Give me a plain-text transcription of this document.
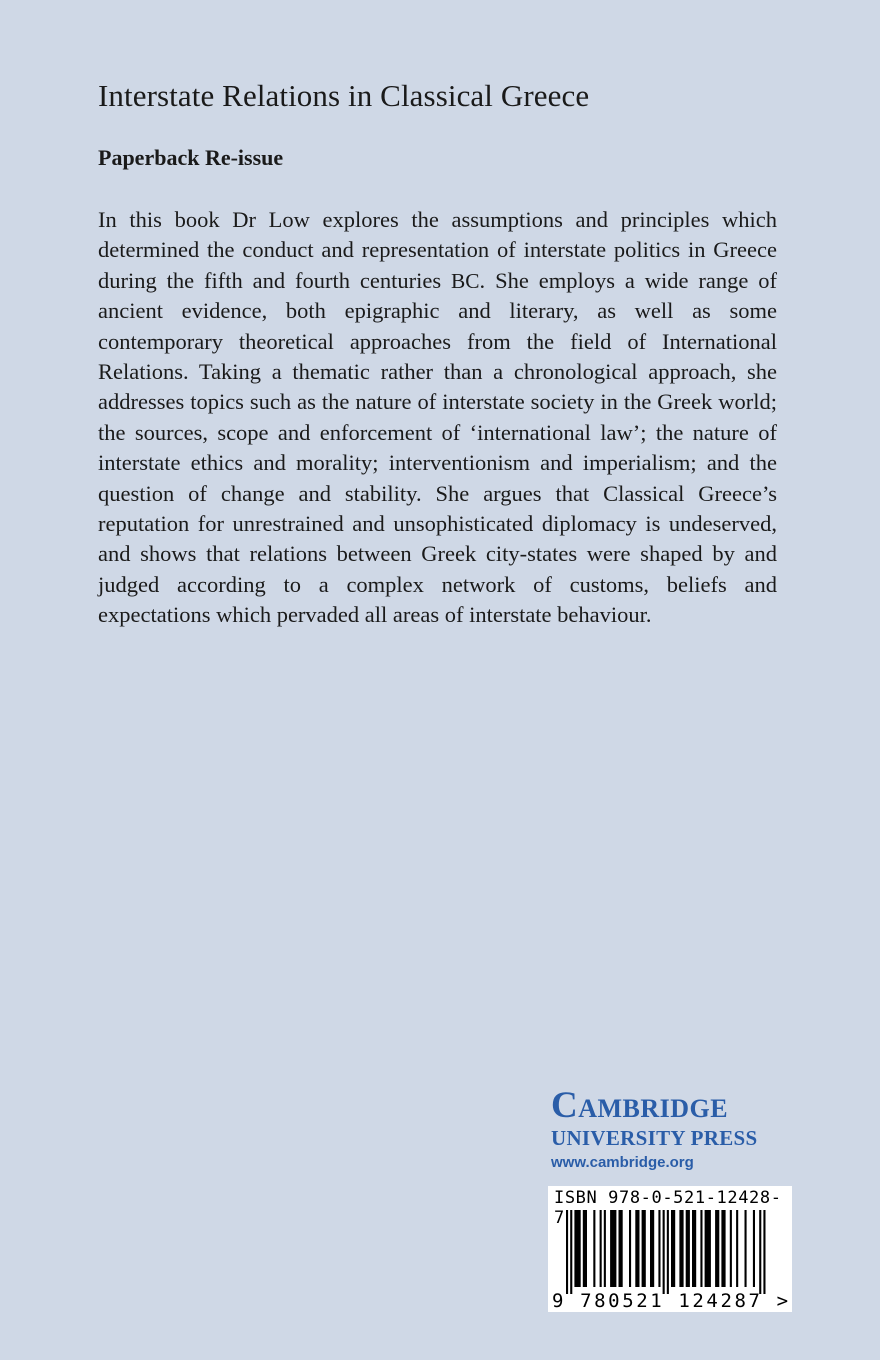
Interstate Relations in Classical Greece
Paperback Re-issue

In this book Dr Low explores the assumptions and principles which determined the conduct and representation of interstate politics in Greece during the fifth and fourth centuries BC. She employs a wide range of ancient evidence, both epigraphic and literary, as well as some contemporary theoretical approaches from the field of International Relations. Taking a thematic rather than a chronological approach, she addresses topics such as the nature of interstate society in the Greek world; the sources, scope and enforcement of ‘international law’; the nature of interstate ethics and morality; interventionism and imperialism; and the question of change and stability. She argues that Classical Greece’s reputation for unrestrained and unsophisticated diplomacy is undeserved, and shows that relations between Greek city-states were shaped by and judged according to a complex network of customs, beliefs and expectations which pervaded all areas of interstate behaviour.

Cambridge
UNIVERSITY PRESS
www.cambridge.org
ISBN 978-0-521-12428-7
9 780521 124287 >
